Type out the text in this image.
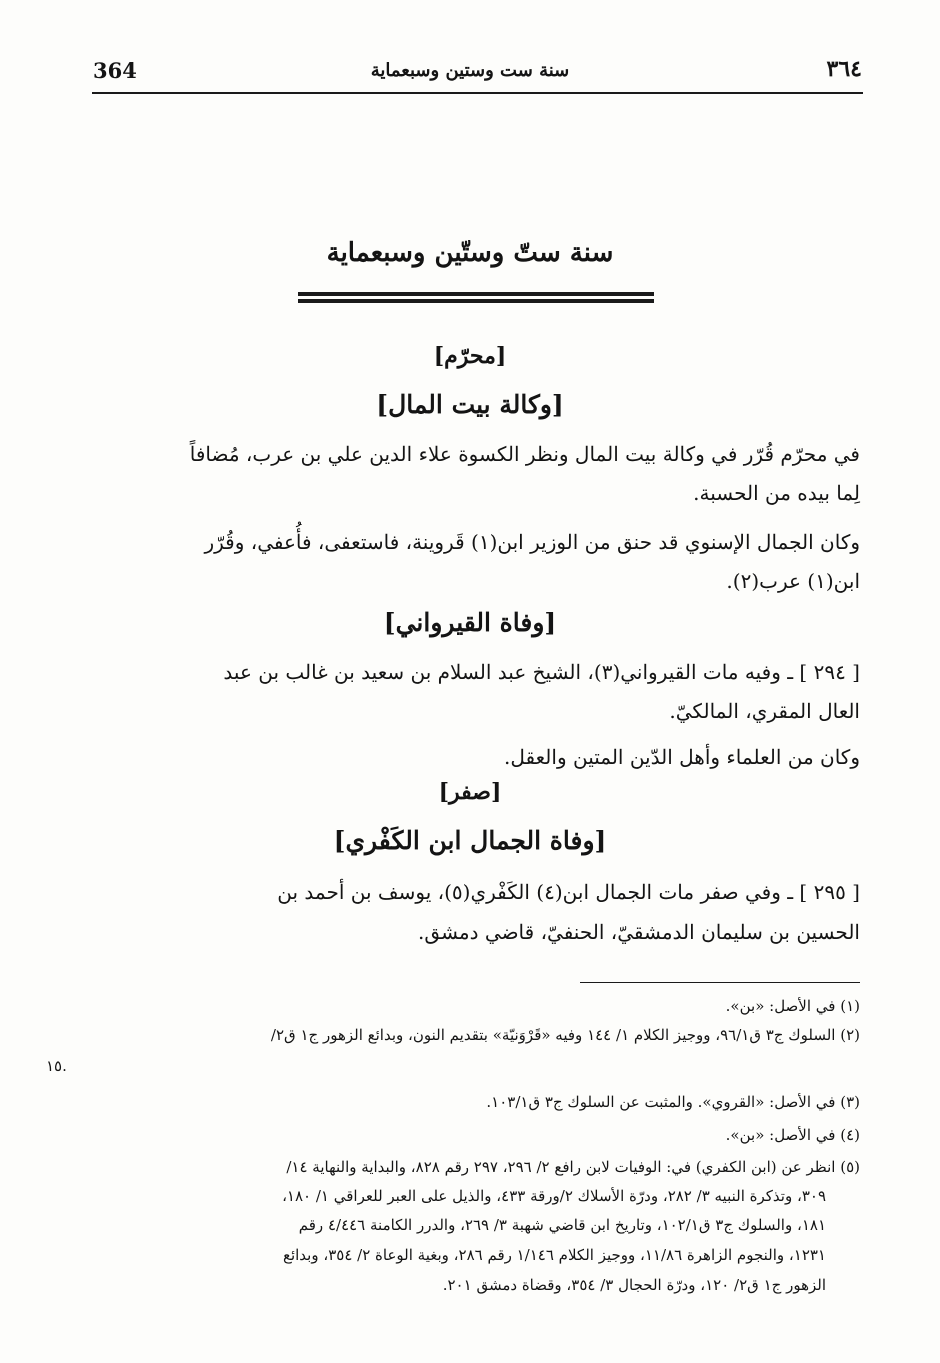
364	سنة ست وستين وسبعماية	٣٦٤
سنة ستّ وستّين وسبعماية
[محرّم]
[وكالة بيت المال]
في محرّم قُرّر في وكالة بيت المال ونظر الكسوة علاء الدين علي بن عرب، مُضافاً
لِما بيده من الحسبة.
وكان الجمال الإسنوي قد حنق من الوزير ابن(١) قَروينة، فاستعفى، فأُعفي، وقُرّر
ابن(١) عرب(٢).
[وفاة القيرواني]
[ ٢٩٤ ] ـ وفيه مات القيرواني(٣)، الشيخ عبد السلام بن سعيد بن غالب بن عبد
العال المقري، المالكيّ.
وكان من العلماء وأهل الدّين المتين والعقل.
[صفر]
[وفاة الجمال ابن الكَفْري]
[ ٢٩٥ ] ـ وفي صفر مات الجمال ابن(٤) الكَفْري(٥)، يوسف بن أحمد بن
الحسين بن سليمان الدمشقيّ، الحنفيّ، قاضي دمشق.
(١) في الأصل: «بن».
(٢) السلوك ج٣ ق٩٦/١، ووجيز الكلام ١/ ١٤٤ وفيه «قَرْوَنيّة» بتقديم النون، وبدائع الزهور ج١ ق٢/
١٥.
(٣) في الأصل: «القروي». والمثبت عن السلوك ج٣ ق١٠٣/١.
(٤) في الأصل: «بن».
(٥) انظر عن (ابن الكفري) في: الوفيات لابن رافع ٢/ ٢٩٦، ٢٩٧ رقم ٨٢٨، والبداية والنهاية ١٤/
٣٠٩، وتذكرة النبيه ٣/ ٢٨٢، ودرّة الأسلاك ٢/ورقة ٤٣٣، والذيل على العبر للعراقي ١/ ١٨٠،
١٨١، والسلوك ج٣ ق١٠٢/١، وتاريخ ابن قاضي شهبة ٣/ ٢٦٩، والدرر الكامنة ٤/٤٤٦ رقم
١٢٣١، والنجوم الزاهرة ١١/٨٦، ووجيز الكلام ١/١٤٦ رقم ٢٨٦، وبغية الوعاة ٢/ ٣٥٤، وبدائع
الزهور ج١ ق٢/ ١٢٠، ودرّة الحجال ٣/ ٣٥٤، وقضاة دمشق ٢٠١.
